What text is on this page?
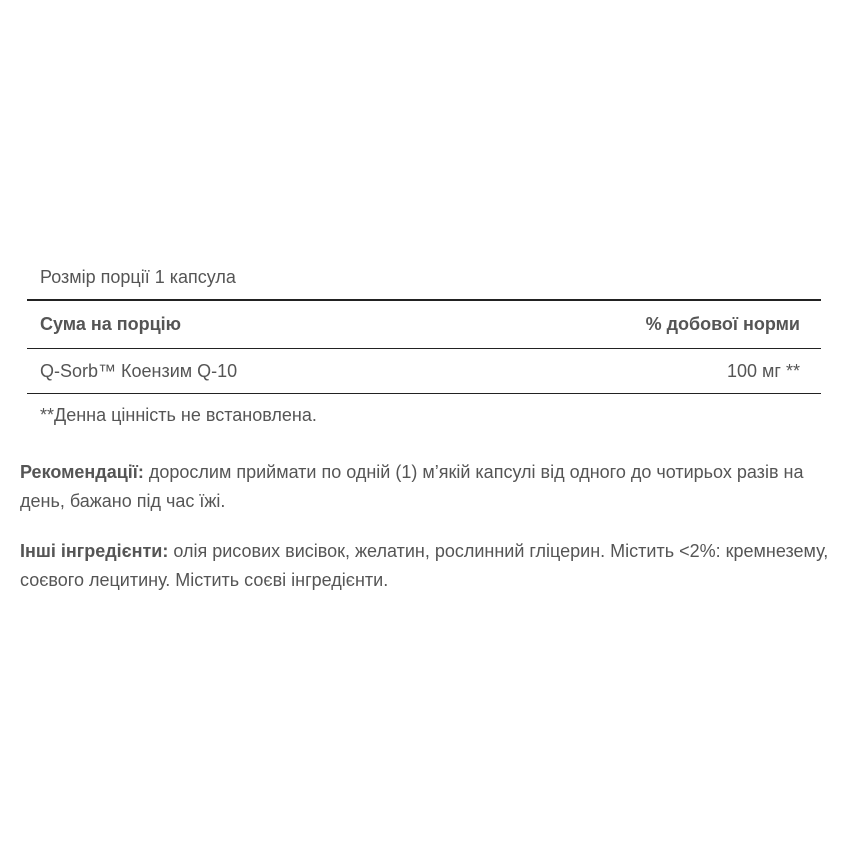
Розмір порції 1 капсула
Сума на порцію	% добової норми
Q-Sorb™ Коензим Q-10	100 мг **
**Денна цінність не встановлена.
Рекомендації: дорослим приймати по одній (1) м’якій капсулі від одного до чотирьох разів на день, бажано під час їжі.
Інші інгредієнти: олія рисових висівок, желатин, рослинний гліцерин. Містить <2%: кремнезему, соєвого лецитину. Містить соєві інгредієнти.
